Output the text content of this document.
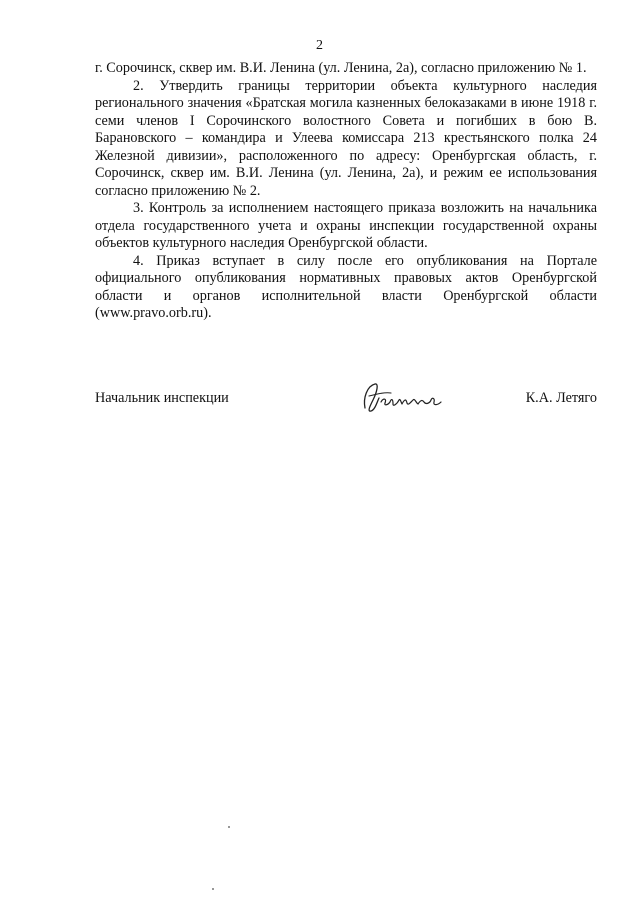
2

г. Сорочинск, сквер им. В.И. Ленина (ул. Ленина, 2а), согласно приложению № 1.

2. Утвердить границы территории объекта культурного наследия регионального значения «Братская могила казненных белоказаками в июне 1918 г. семи членов I Сорочинского волостного Совета и погибших в бою В. Барановского – командира и Улеева комиссара 213 крестьянского полка 24 Железной дивизии», расположенного по адресу: Оренбургская область, г. Сорочинск, сквер им. В.И. Ленина (ул. Ленина, 2а), и режим ее использования согласно приложению № 2.

3. Контроль за исполнением настоящего приказа возложить на начальника отдела государственного учета и охраны инспекции государственной охраны объектов культурного наследия Оренбургской области.

4. Приказ вступает в силу после его опубликования на Портале официального опубликования нормативных правовых актов Оренбургской области и органов исполнительной власти Оренбургской области (www.pravo.orb.ru).

Начальник инспекции	К.А. Летяго
